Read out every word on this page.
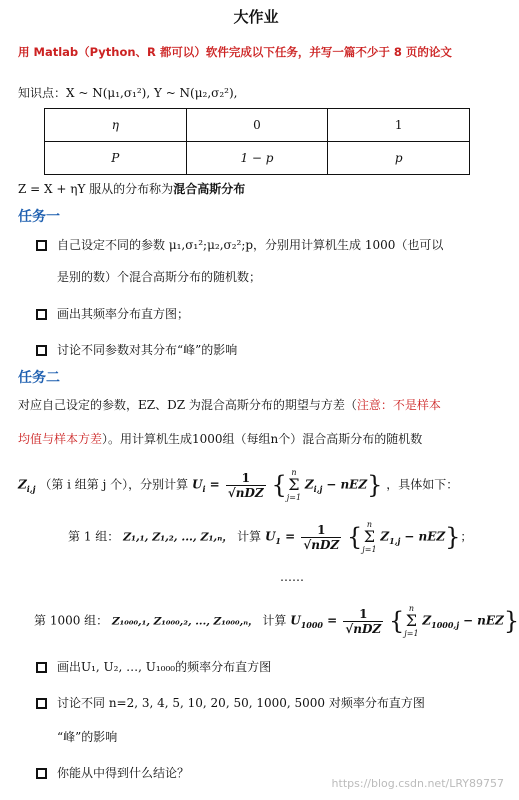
大作业
用 Matlab（Python、R 都可以）软件完成以下任务，并写一篇不少于 8 页的论文
知识点：X ~ N(μ₁,σ₁²), Y ~ N(μ₂,σ₂²),
η	0	1
P	1 − p	p
Z = X + ηY 服从的分布称为混合高斯分布
任务一
自己设定不同的参数 μ₁,σ₁²;μ₂,σ₂²;p，分别用计算机生成 1000（也可以
是别的数）个混合高斯分布的随机数；
画出其频率分布直方图；
讨论不同参数对其分布“峰”的影响
任务二
对应自己设定的参数，EZ、DZ 为混合高斯分布的期望与方差（注意：不是样本
均值与样本方差）。用计算机生成1000组（每组n个）混合高斯分布的随机数
$Z_{i,j}$ （第 i 组第 j 个），分别计算 $U_i = \frac{1}{\text{√nDZ}}$ { n
Σ
j=1 $Z_{i,j} - nEZ$} ，具体如下：
第 1 组： Z₁,₁, Z₁,₂, ..., Z₁,ₙ， 计算 $U_1 = \frac{1}{\text{√nDZ}}$ { n
Σ
j=1 $Z_{1,j} - nEZ$}；
……
第 1000 组： Z₁₀₀₀,₁, Z₁₀₀₀,₂, ..., Z₁₀₀₀,ₙ， 计算 $U_{1000} = \frac{1}{\text{√nDZ}}$ { n
Σ
j=1 $Z_{1000,j} - nEZ$}
画出U₁, U₂, …, U₁₀₀₀的频率分布直方图
讨论不同 n=2, 3, 4, 5, 10, 20, 50, 1000, 5000 对频率分布直方图
“峰”的影响
你能从中得到什么结论？
https://blog.csdn.net/LRY89757
